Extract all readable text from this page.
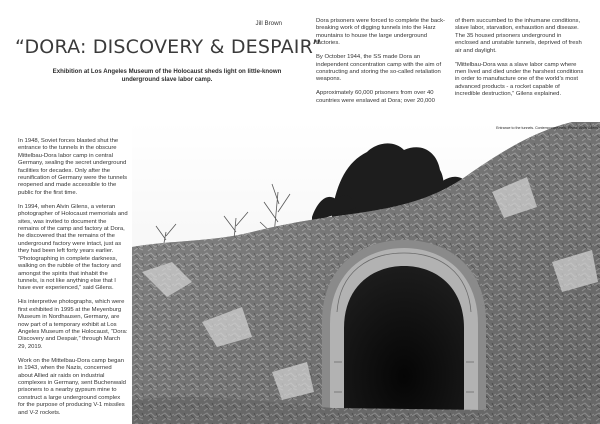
Jill Brown
“DORA: DISCOVERY & DESPAIR”
Exhibition at Los Angeles Museum of the Holocaust sheds light on little-known underground slave labor camp.

In 1948, Soviet forces blasted shut the entrance to the tunnels in the obscure Mittelbau-Dora labor camp in central Germany, sealing the secret underground facilities for decades. Only after the reunification of Germany were the tunnels reopened and made accessible to the public for the first time.

In 1994, when Alvin Gilens, a veteran photographer of Holocaust memorials and sites, was invited to document the remains of the camp and factory at Dora, he discovered that the remains of the underground factory were intact, just as they had been left forty years earlier. “Photographing in complete darkness, walking on the rubble of the factory and amongst the spirits that inhabit the tunnels, is not like anything else that I have ever experienced,” said Gilens.

His interpretive photographs, which were first exhibited in 1995 at the Meyenburg Museum in Nordhausen, Germany, are now part of a temporary exhibit at Los Angeles Museum of the Holocaust, “Dora: Discovery and Despair,” through March 29, 2019.

Work on the Mittelbau-Dora camp began in 1943, when the Nazis, concerned about Allied air raids on industrial complexes in Germany, sent Buchenwald prisoners to a nearby gypsum mine to construct a large underground complex for the purpose of producing V-1 missiles and V-2 rockets.

Dora prisoners were forced to complete the back-breaking work of digging tunnels into the Harz mountains to house the large underground factories.

By October 1944, the SS made Dora an independent concentration camp with the aim of constructing and storing the so-called retaliation weapons.

Approximately 60,000 prisoners from over 40 countries were enslaved at Dora; over 20,000

of them succumbed to the inhumane conditions, slave labor, starvation, exhaustion and disease. The 35 housed prisoners underground in enclosed and unstable tunnels, deprived of fresh air and daylight.

“Mittelbau-Dora was a slave labor camp where men lived and died under the harshest conditions in order to manufacture one of the world’s most advanced products - a rocket capable of incredible destruction,” Gilens explained.

Entrance to the tunnels. Contemporary view. Photo: Alvin Gilens
